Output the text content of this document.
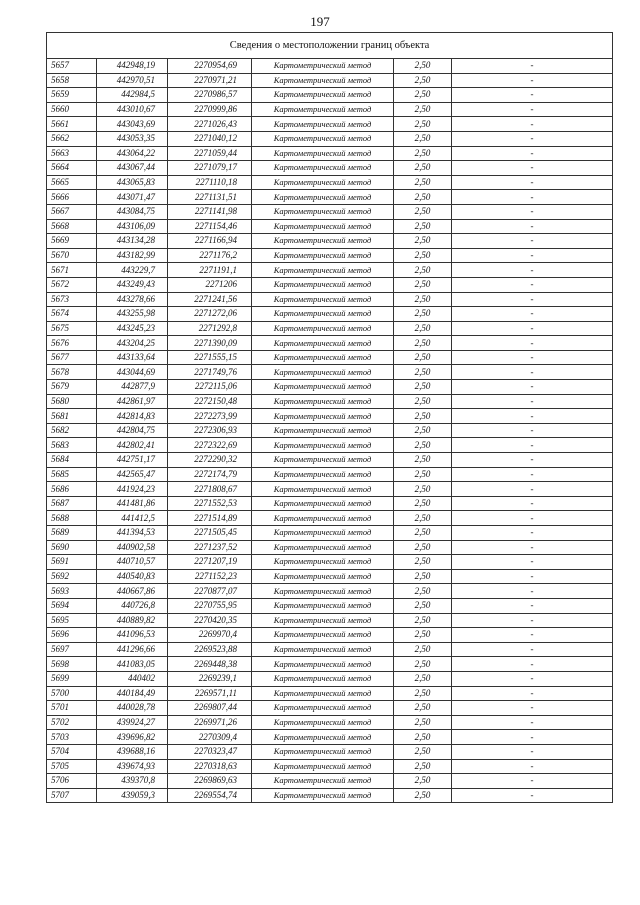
197
Сведения о местоположении границ объекта					
5657	442948,19	2270954,69	Картометрический метод	2,50	-
5658	442970,51	2270971,21	Картометрический метод	2,50	-
5659	442984,5	2270986,57	Картометрический метод	2,50	-
5660	443010,67	2270999,86	Картометрический метод	2,50	-
5661	443043,69	2271026,43	Картометрический метод	2,50	-
5662	443053,35	2271040,12	Картометрический метод	2,50	-
5663	443064,22	2271059,44	Картометрический метод	2,50	-
5664	443067,44	2271079,17	Картометрический метод	2,50	-
5665	443065,83	2271110,18	Картометрический метод	2,50	-
5666	443071,47	2271131,51	Картометрический метод	2,50	-
5667	443084,75	2271141,98	Картометрический метод	2,50	-
5668	443106,09	2271154,46	Картометрический метод	2,50	-
5669	443134,28	2271166,94	Картометрический метод	2,50	-
5670	443182,99	2271176,2	Картометрический метод	2,50	-
5671	443229,7	2271191,1	Картометрический метод	2,50	-
5672	443249,43	2271206	Картометрический метод	2,50	-
5673	443278,66	2271241,56	Картометрический метод	2,50	-
5674	443255,98	2271272,06	Картометрический метод	2,50	-
5675	443245,23	2271292,8	Картометрический метод	2,50	-
5676	443204,25	2271390,09	Картометрический метод	2,50	-
5677	443133,64	2271555,15	Картометрический метод	2,50	-
5678	443044,69	2271749,76	Картометрический метод	2,50	-
5679	442877,9	2272115,06	Картометрический метод	2,50	-
5680	442861,97	2272150,48	Картометрический метод	2,50	-
5681	442814,83	2272273,99	Картометрический метод	2,50	-
5682	442804,75	2272306,93	Картометрический метод	2,50	-
5683	442802,41	2272322,69	Картометрический метод	2,50	-
5684	442751,17	2272290,32	Картометрический метод	2,50	-
5685	442565,47	2272174,79	Картометрический метод	2,50	-
5686	441924,23	2271808,67	Картометрический метод	2,50	-
5687	441481,86	2271552,53	Картометрический метод	2,50	-
5688	441412,5	2271514,89	Картометрический метод	2,50	-
5689	441394,53	2271505,45	Картометрический метод	2,50	-
5690	440902,58	2271237,52	Картометрический метод	2,50	-
5691	440710,57	2271207,19	Картометрический метод	2,50	-
5692	440540,83	2271152,23	Картометрический метод	2,50	-
5693	440667,86	2270877,07	Картометрический метод	2,50	-
5694	440726,8	2270755,95	Картометрический метод	2,50	-
5695	440889,82	2270420,35	Картометрический метод	2,50	-
5696	441096,53	2269970,4	Картометрический метод	2,50	-
5697	441296,66	2269523,88	Картометрический метод	2,50	-
5698	441083,05	2269448,38	Картометрический метод	2,50	-
5699	440402	2269239,1	Картометрический метод	2,50	-
5700	440184,49	2269571,11	Картометрический метод	2,50	-
5701	440028,78	2269807,44	Картометрический метод	2,50	-
5702	439924,27	2269971,26	Картометрический метод	2,50	-
5703	439696,82	2270309,4	Картометрический метод	2,50	-
5704	439688,16	2270323,47	Картометрический метод	2,50	-
5705	439674,93	2270318,63	Картометрический метод	2,50	-
5706	439370,8	2269869,63	Картометрический метод	2,50	-
5707	439059,3	2269554,74	Картометрический метод	2,50	-
